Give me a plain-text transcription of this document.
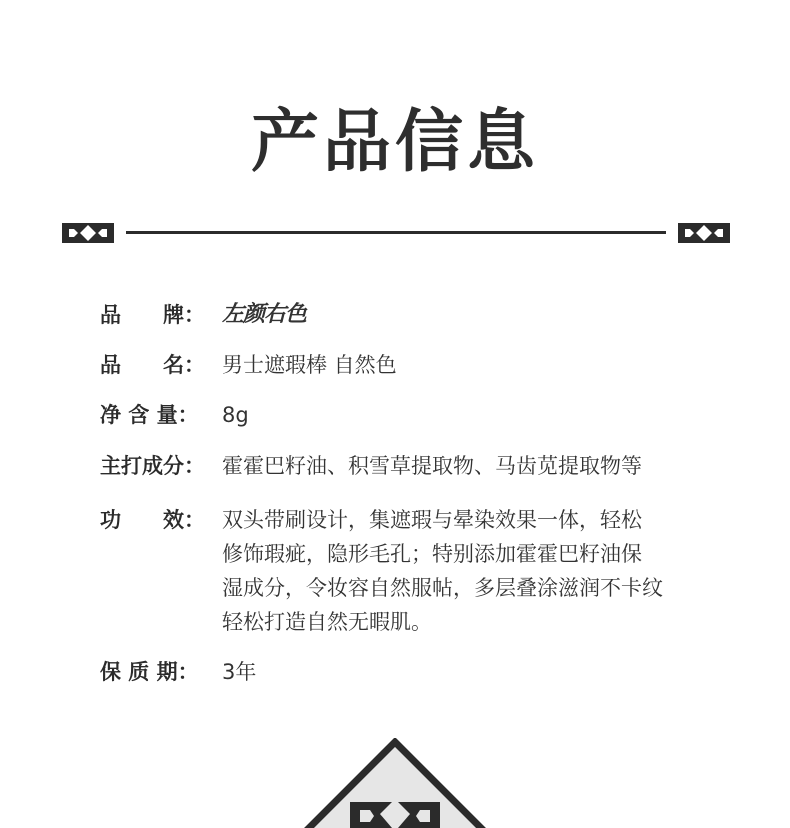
产品信息
品　　牌： 左颜右色
品　　名： 男士遮瑕棒 自然色
净 含 量：	8g
主打成分： 霍霍巴籽油、积雪草提取物、马齿苋提取物等
功　　效： 双头带刷设计，集遮瑕与晕染效果一体，轻松
修饰瑕疵，隐形毛孔；特别添加霍霍巴籽油保
湿成分，令妆容自然服帖，多层叠涂滋润不卡纹
轻松打造自然无暇肌。
保 质 期：	3年
